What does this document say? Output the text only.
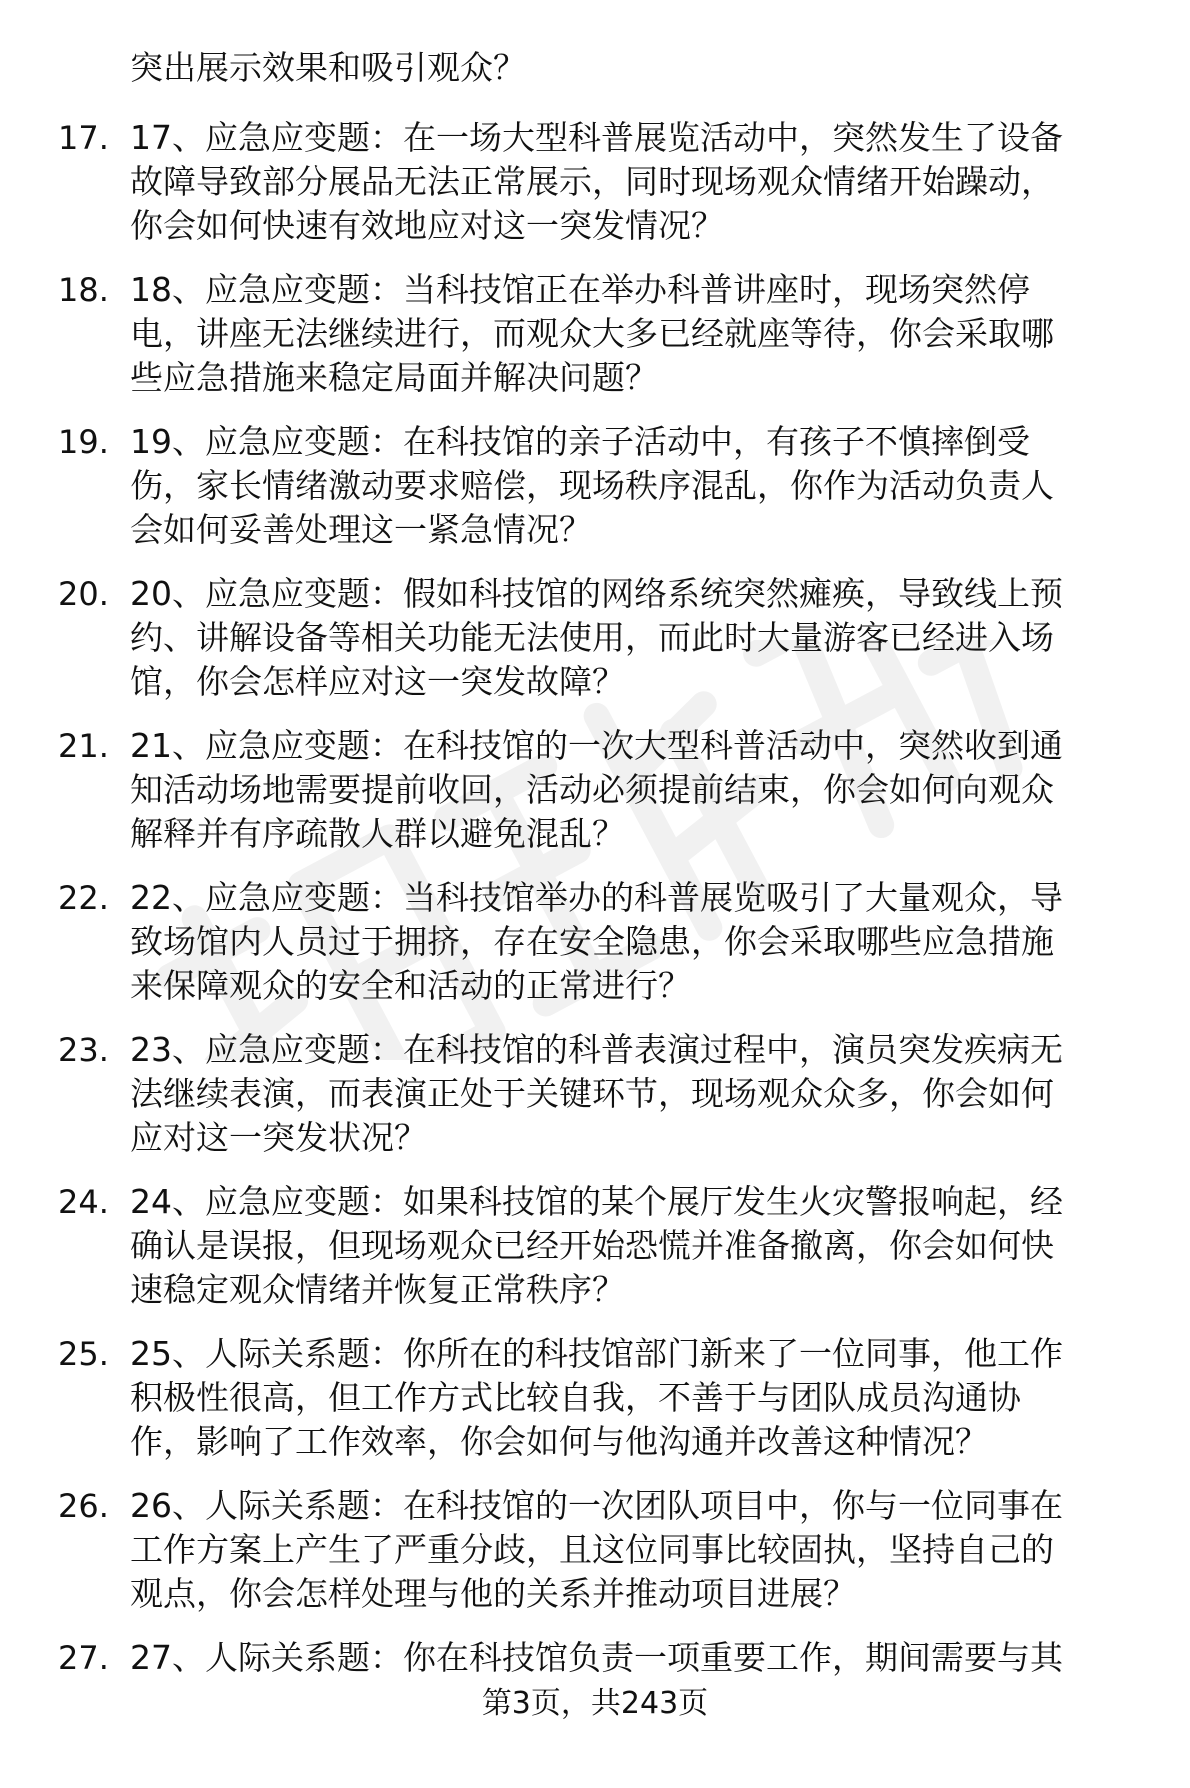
突出展示效果和吸引观众？
17. 17、应急应变题：在一场大型科普展览活动中，突然发生了设备
故障导致部分展品无法正常展示，同时现场观众情绪开始躁动，
你会如何快速有效地应对这一突发情况？
18. 18、应急应变题：当科技馆正在举办科普讲座时，现场突然停
电，讲座无法继续进行，而观众大多已经就座等待，你会采取哪
些应急措施来稳定局面并解决问题？
19. 19、应急应变题：在科技馆的亲子活动中，有孩子不慎摔倒受
伤，家长情绪激动要求赔偿，现场秩序混乱，你作为活动负责人
会如何妥善处理这一紧急情况？
20. 20、应急应变题：假如科技馆的网络系统突然瘫痪，导致线上预
约、讲解设备等相关功能无法使用，而此时大量游客已经进入场
馆，你会怎样应对这一突发故障？
21. 21、应急应变题：在科技馆的一次大型科普活动中，突然收到通
知活动场地需要提前收回，活动必须提前结束，你会如何向观众
解释并有序疏散人群以避免混乱？
22. 22、应急应变题：当科技馆举办的科普展览吸引了大量观众，导
致场馆内人员过于拥挤，存在安全隐患，你会采取哪些应急措施
来保障观众的安全和活动的正常进行？
23. 23、应急应变题：在科技馆的科普表演过程中，演员突发疾病无
法继续表演，而表演正处于关键环节，现场观众众多，你会如何
应对这一突发状况？
24. 24、应急应变题：如果科技馆的某个展厅发生火灾警报响起，经
确认是误报，但现场观众已经开始恐慌并准备撤离，你会如何快
速稳定观众情绪并恢复正常秩序？
25. 25、人际关系题：你所在的科技馆部门新来了一位同事，他工作
积极性很高，但工作方式比较自我，不善于与团队成员沟通协
作，影响了工作效率，你会如何与他沟通并改善这种情况？
26. 26、人际关系题：在科技馆的一次团队项目中，你与一位同事在
工作方案上产生了严重分歧，且这位同事比较固执，坚持自己的
观点，你会怎样处理与他的关系并推动项目进展？
27. 27、人际关系题：你在科技馆负责一项重要工作，期间需要与其
第3页，共243页
